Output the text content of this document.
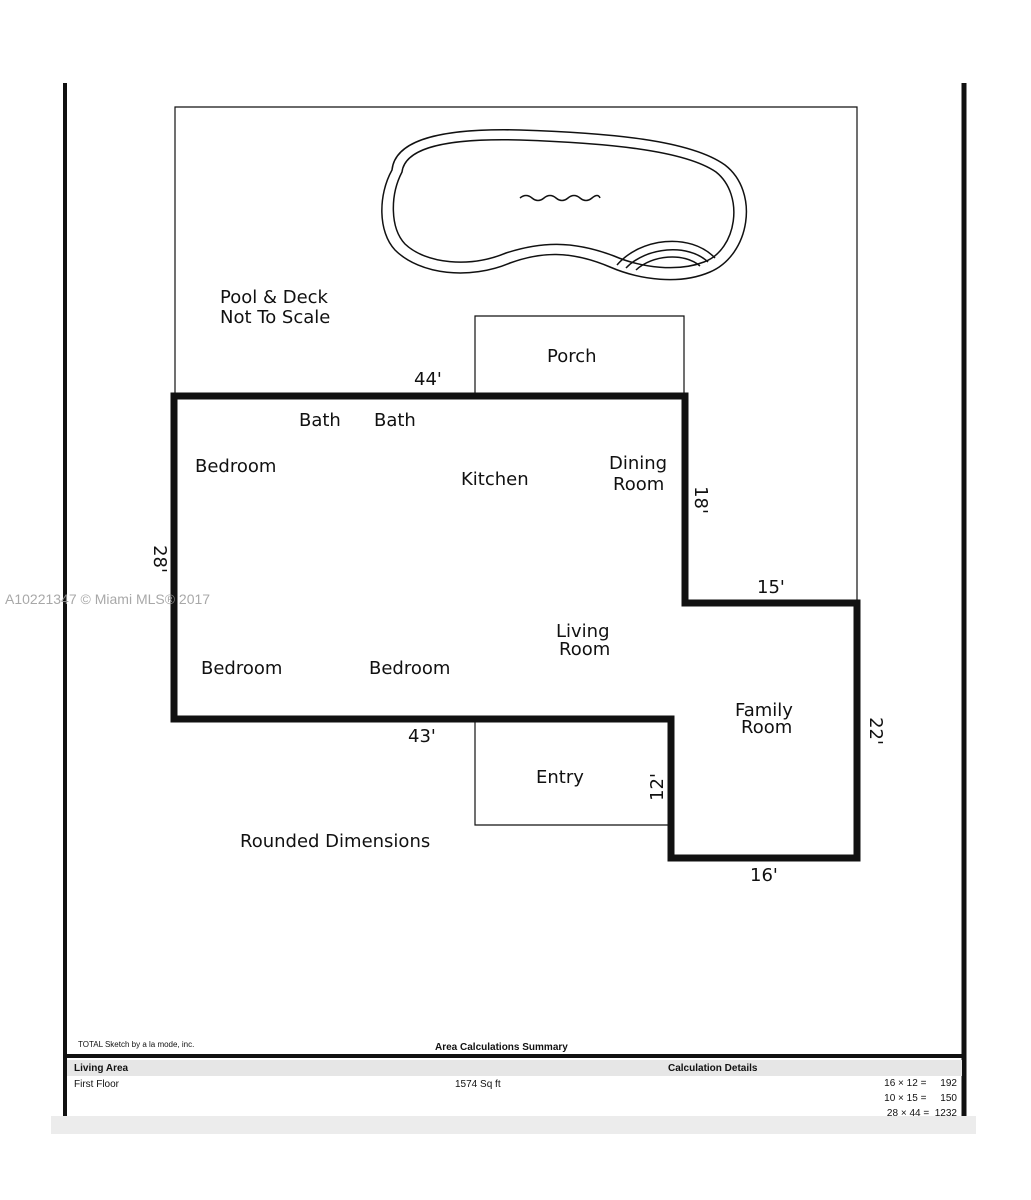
Pool & Deck
Not To Scale
Porch
Bath Bath
Bedroom
Kitchen
Dining
Room
Living
Room
Bedroom	Bedroom
Family
Room
Entry
44'
28'
18'
15'
22'
43'
12'
16'
Rounded Dimensions
A10221347 © Miami MLS® 2017
TOTAL Sketch by a la mode, inc.	Area Calculations Summary
Living Area	Calculation Details
First Floor	1574 Sq ft	16 × 12 =     192
10 × 15 =     150
28 × 44 =  1232
